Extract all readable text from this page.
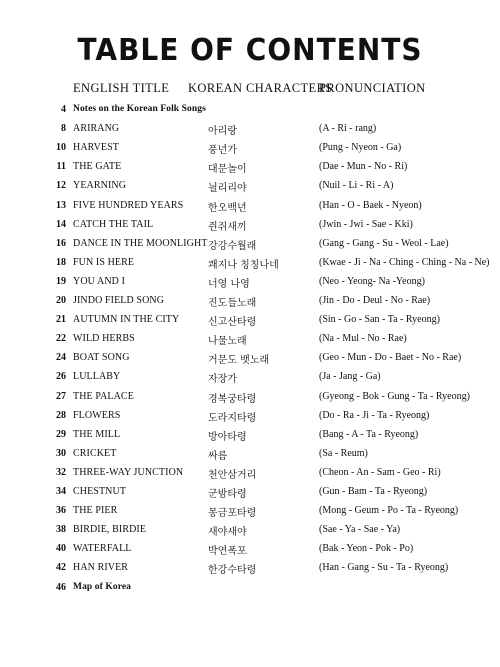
TABLE OF CONTENTS
ENGLISH TITLE KOREAN CHARACTERS
PRONUNCIATION
4 Notes on the Korean Folk Songs
8 ARIRANG	아리랑	(A - Ri - rang)
10 HARVEST	풍년가	(Pung - Nyeon - Ga)
11 THE GATE	대문놀이	(Dae - Mun - No - Ri)
12 YEARNING	늴리리야	(Nuil - Li - Ri - A)
13 FIVE HUNDRED YEARS 한오백년	(Han - O - Baek - Nyeon)
14 CATCH THE TAIL	쥔쥐새끼	(Jwin - Jwi - Sae - Kki)
16 DANCE IN THE MOONLIGHT 강강수월래	(Gang - Gang - Su - Weol - Lae)
18 FUN IS HERE	쾌지나 칭칭나네	(Kwae - Ji - Na - Ching - Ching - Na - Ne)
19 YOU AND I	너영 나영	(Neo - Yeong- Na -Yeong)
20 JINDO FIELD SONG	진도들노래	(Jin - Do - Deul - No - Rae)
21 AUTUMN IN THE CITY	신고산타령	(Sin - Go - San - Ta - Ryeong)
22 WILD HERBS	나물노래	(Na - Mul - No - Rae)
24 BOAT SONG	거문도 뱃노래	(Geo - Mun - Do - Baet - No - Rae)
26 LULLABY	자장가	(Ja - Jang - Ga)
27 THE PALACE	경복궁타령	(Gyeong - Bok - Gung - Ta - Ryeong)
28 FLOWERS	도라지타령	(Do - Ra - Ji - Ta - Ryeong)
29 THE MILL	방아타령	(Bang - A - Ta - Ryeong)
30 CRICKET	싸름	(Sa - Reum)
32 THREE-WAY JUNCTION 천안삼거리	(Cheon - An - Sam - Geo - Ri)
34 CHESTNUT	군밤타령	(Gun - Bam - Ta - Ryeong)
36 THE PIER	몽금포타령	(Mong - Geum - Po - Ta - Ryeong)
38 BIRDIE, BIRDIE	새야새야	(Sae - Ya - Sae - Ya)
40 WATERFALL	박연폭포	(Bak - Yeon - Pok - Po)
42 HAN RIVER	한강수타령	(Han - Gang - Su - Ta - Ryeong)
46 Map of Korea
